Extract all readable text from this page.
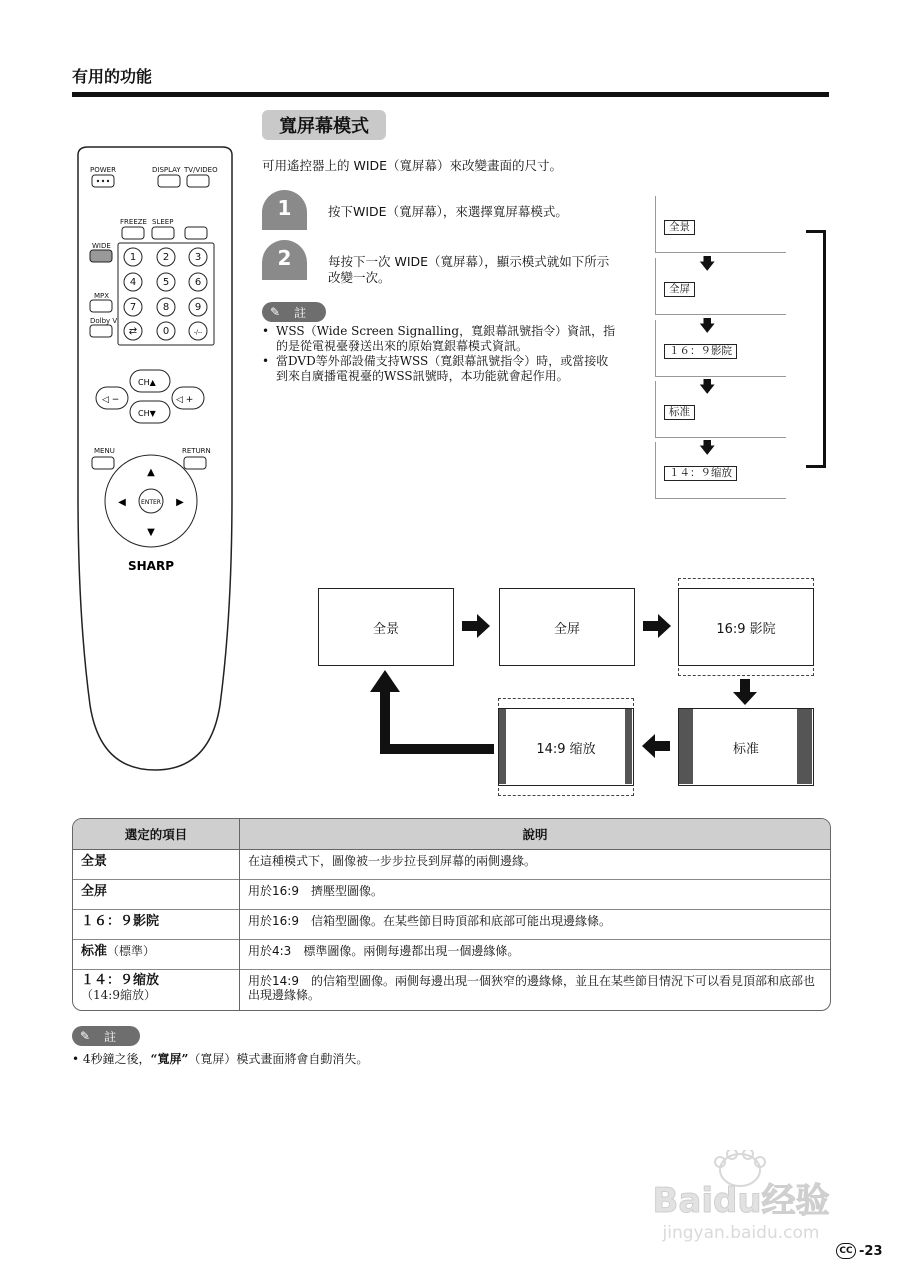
有用的功能
1	2	3
4	5	6
7	8	9
⇄	0	-/--
◁ −	◁ +
CH▲
CH▼
ENTER
▲
▼
◀	▶
SHARP
POWER	DISPLAY TV/VIDEO
FREEZE SLEEP
WIDE
MPX
Dolby V
MENU	RETURN
寬屏幕模式
可用遙控器上的 WIDE（寬屏幕）來改變畫面的尺寸。
1	按下WIDE（寬屏幕），來選擇寬屏幕模式。
2	每按下一次 WIDE（寬屏幕），顯示模式就如下所示改變一次。
✎ 註
• WSS（Wide Screen Signalling，寬銀幕訊號指令）資訊，指的是從電視臺發送出來的原始寬銀幕模式資訊。
• 當DVD等外部設備支持WSS（寬銀幕訊號指令）時，或當接收到來自廣播電視臺的WSS訊號時，本功能就會起作用。
全景
🡇
全屏
🡇
１６：９影院
🡇
标准
🡇
１４：９缩放
全景	全屏	16:9 影院
标准
14:9 缩放
選定的項目	說明
全景	在這種模式下，圖像被一步步拉長到屏幕的兩側邊緣。
全屏	用於16:9　擠壓型圖像。
１６：９影院	用於16:9　信箱型圖像。在某些節目時頂部和底部可能出現邊緣條。
标准（標準）	用於4:3　標準圖像。兩側每邊都出現一個邊緣條。

１４：９缩放
（14:9縮放）	用於14:9　的信箱型圖像。兩側每邊出現一個狹窄的邊緣條，並且在某些節目情況下可以看見頂部和底部也出現邊緣條。
✎ 註
• 4秒鐘之後，“寬屏”（寬屏）模式畫面將會自動消失。
Baidu经验
jingyan.baidu.com
CC -23
